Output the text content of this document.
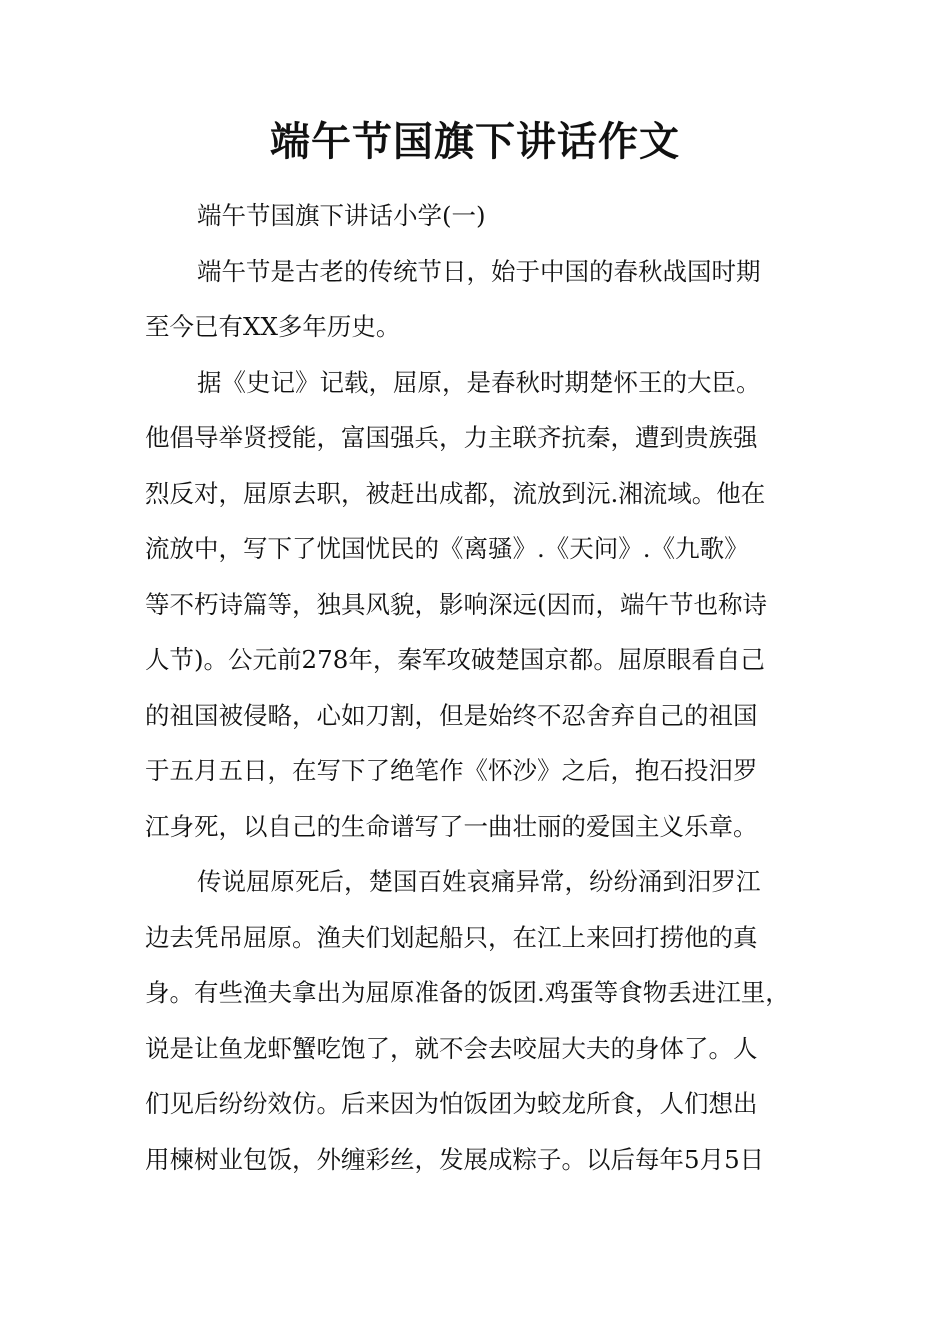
端午节国旗下讲话作文
端午节国旗下讲话小学(一)
端午节是古老的传统节日，始于中国的春秋战国时期
至今已有XX多年历史。
据《史记》记载，屈原，是春秋时期楚怀王的大臣。
他倡导举贤授能，富国强兵，力主联齐抗秦，遭到贵族强
烈反对，屈原去职，被赶出成都，流放到沅.湘流域。他在
流放中，写下了忧国忧民的《离骚》.《天问》.《九歌》
等不朽诗篇等，独具风貌，影响深远(因而，端午节也称诗
人节)。公元前278年，秦军攻破楚国京都。屈原眼看自己
的祖国被侵略，心如刀割，但是始终不忍舍弃自己的祖国
于五月五日，在写下了绝笔作《怀沙》之后，抱石投汨罗
江身死，以自己的生命谱写了一曲壮丽的爱国主义乐章。
传说屈原死后，楚国百姓哀痛异常，纷纷涌到汨罗江
边去凭吊屈原。渔夫们划起船只，在江上来回打捞他的真
身。有些渔夫拿出为屈原准备的饭团.鸡蛋等食物丢进江里，
说是让鱼龙虾蟹吃饱了，就不会去咬屈大夫的身体了。人
们见后纷纷效仿。后来因为怕饭团为蛟龙所食，人们想出
用楝树业包饭，外缠彩丝，发展成粽子。以后每年5月5日
